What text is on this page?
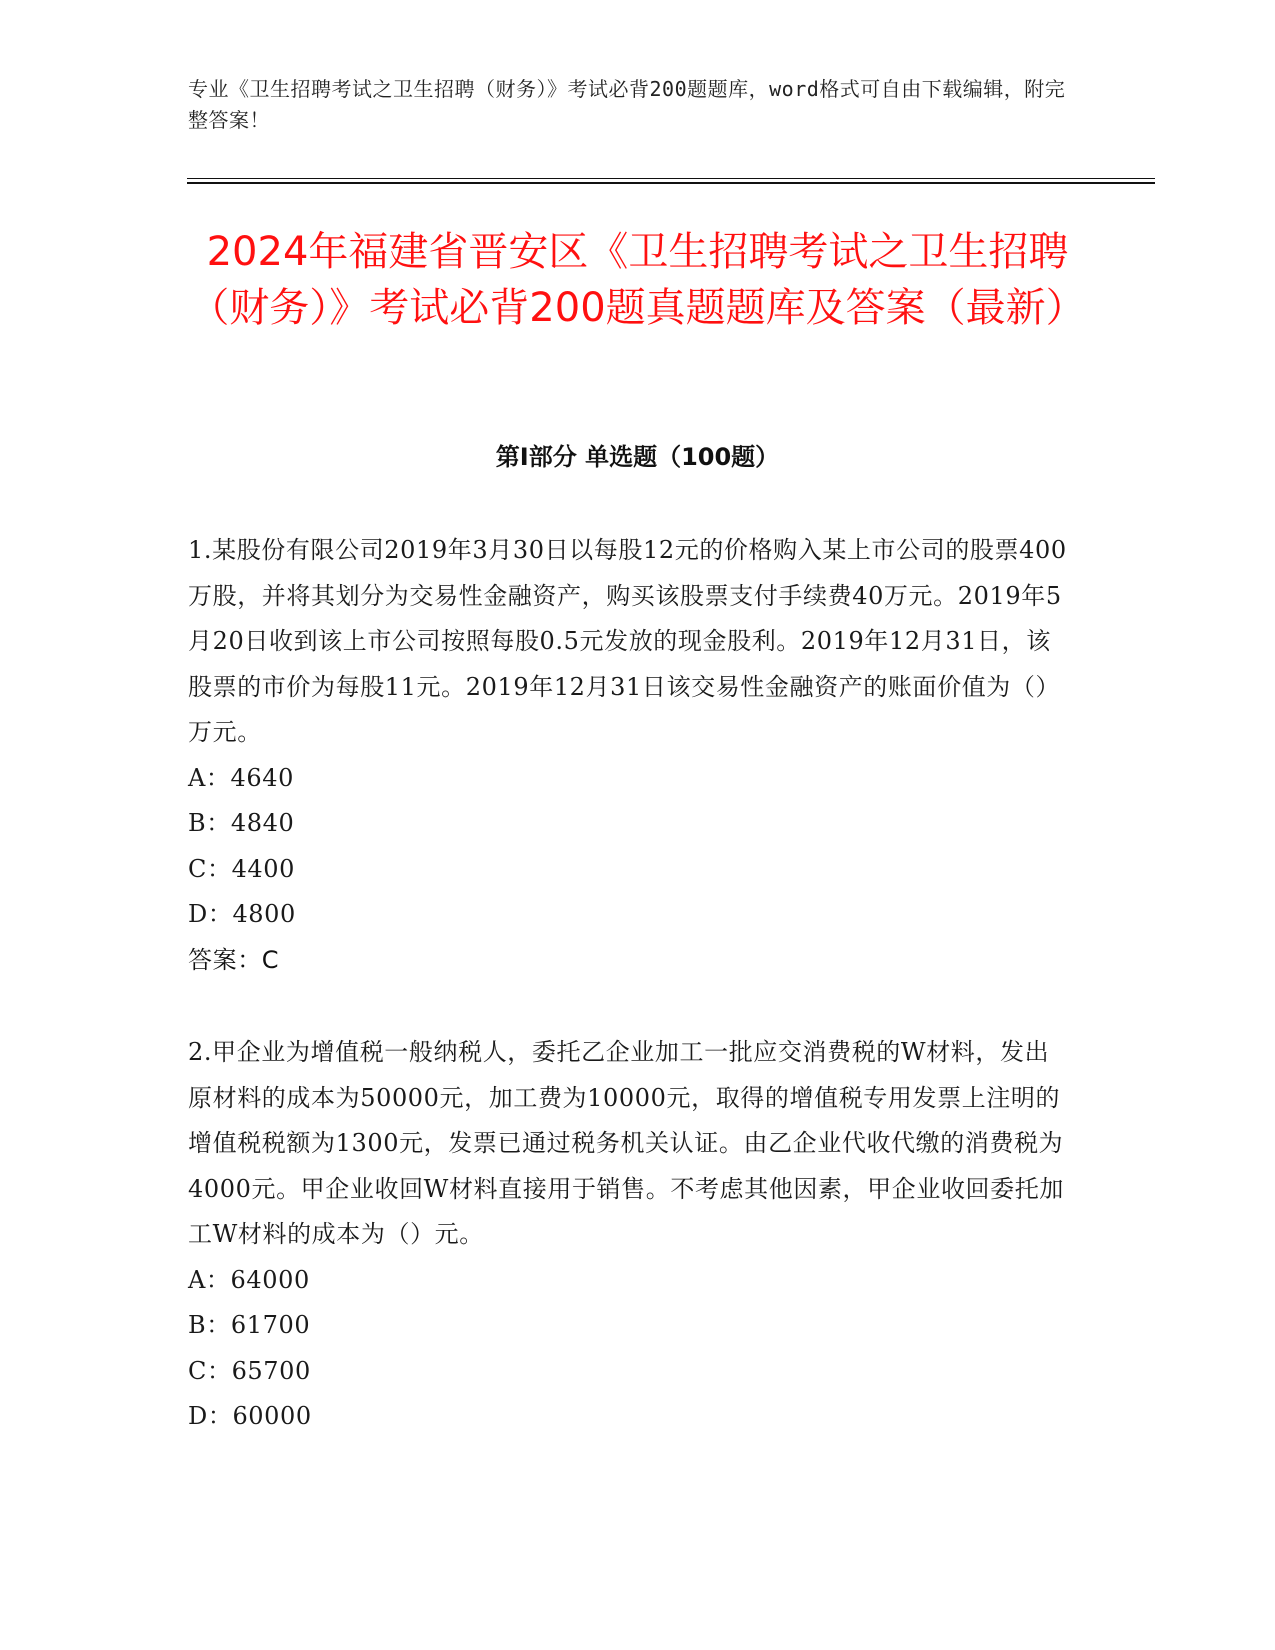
专业《卫生招聘考试之卫生招聘（财务）》考试必背200题题库，word格式可自由下载编辑，附完整答案！
2024年福建省晋安区《卫生招聘考试之卫生招聘（财务）》考试必背200题真题题库及答案（最新）
第I部分 单选题（100题）

1.某股份有限公司2019年3月30日以每股12元的价格购入某上市公司的股票400万股，并将其划分为交易性金融资产，购买该股票支付手续费40万元。2019年5月20日收到该上市公司按照每股0.5元发放的现金股利。2019年12月31日，该股票的市价为每股11元。2019年12月31日该交易性金融资产的账面价值为（）万元。

A：4640

B：4840

C：4400

D：4800

答案：C

2.甲企业为增值税一般纳税人，委托乙企业加工一批应交消费税的W材料，发出原材料的成本为50000元，加工费为10000元，取得的增值税专用发票上注明的增值税税额为1300元，发票已通过税务机关认证。由乙企业代收代缴的消费税为4000元。甲企业收回W材料直接用于销售。不考虑其他因素，甲企业收回委托加工W材料的成本为（）元。

A：64000

B：61700

C：65700

D：60000
